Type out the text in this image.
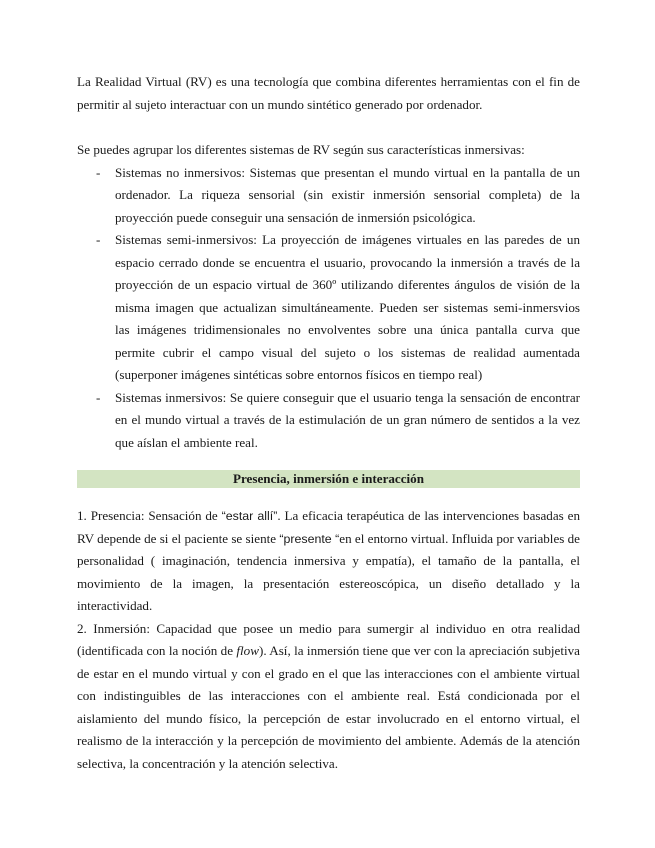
La Realidad Virtual (RV) es una tecnología que combina diferentes herramientas con el fin de permitir al sujeto interactuar con un mundo sintético generado por ordenador.

Se puedes agrupar los diferentes sistemas de RV según sus características inmersivas:

- Sistemas no inmersivos: Sistemas que presentan el mundo virtual en la pantalla de un ordenador. La riqueza sensorial (sin existir inmersión sensorial completa) de la proyección puede conseguir una sensación de inmersión psicológica.
- Sistemas semi-inmersivos: La proyección de imágenes virtuales en las paredes de un espacio cerrado donde se encuentra el usuario, provocando la inmersión a través de la proyección de un espacio virtual de 360º utilizando diferentes ángulos de visión de la misma imagen que actualizan simultáneamente. Pueden ser sistemas semi-inmersvios las imágenes tridimensionales no envolventes sobre una única pantalla curva que permite cubrir el campo visual del sujeto o los sistemas de realidad aumentada (superponer imágenes sintéticas sobre entornos físicos en tiempo real)
- Sistemas inmersivos: Se quiere conseguir que el usuario tenga la sensación de encontrar en el mundo virtual a través de la estimulación de un gran número de sentidos a la vez que aíslan el ambiente real.
Presencia, inmersión e interacción

1. Presencia: Sensación de “estar allí”. La eficacia terapéutica de las intervenciones basadas en RV depende de si el paciente se siente “presente “en el entorno virtual. Influida por variables de personalidad ( imaginación, tendencia inmersiva y empatía), el tamaño de la pantalla, el movimiento de la imagen, la presentación estereoscópica, un diseño detallado y la interactividad.

2. Inmersión: Capacidad que posee un medio para sumergir al individuo en otra realidad (identificada con la noción de flow). Así, la inmersión tiene que ver con la apreciación subjetiva de estar en el mundo virtual y con el grado en el que las interacciones con el ambiente virtual con indistinguibles de las interacciones con el ambiente real. Está condicionada por el aislamiento del mundo físico, la percepción de estar involucrado en el entorno virtual, el realismo de la interacción y la percepción de movimiento del ambiente. Además de la atención selectiva, la concentración y la atención selectiva.
